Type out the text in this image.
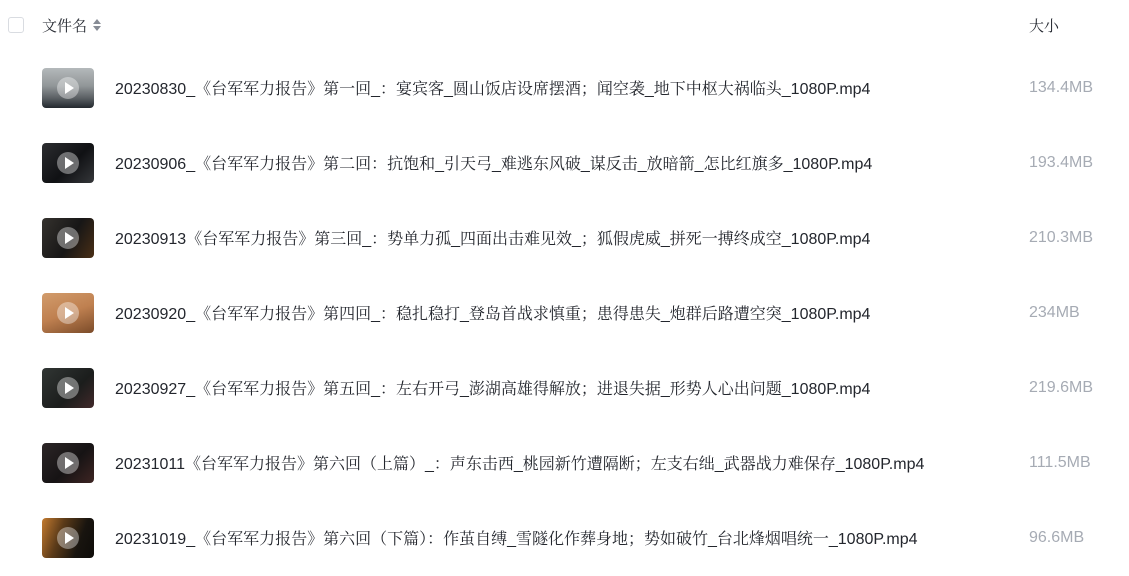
文件名	大小
20230830_《台军军力报告》第一回_：宴宾客_圆山饭店设席摆酒；闻空袭_地下中枢大祸临头_1080P.mp4	134.4MB
20230906_《台军军力报告》第二回：抗饱和_引天弓_难逃东风破_谋反击_放暗箭_怎比红旗多_1080P.mp4	193.4MB
20230913《台军军力报告》第三回_：势单力孤_四面出击难见效_；狐假虎威_拼死一搏终成空_1080P.mp4	210.3MB
20230920_《台军军力报告》第四回_：稳扎稳打_登岛首战求慎重；患得患失_炮群后路遭空突_1080P.mp4	234MB
20230927_《台军军力报告》第五回_：左右开弓_澎湖高雄得解放；进退失据_形势人心出问题_1080P.mp4	219.6MB
20231011《台军军力报告》第六回（上篇）_：声东击西_桃园新竹遭隔断；左支右绌_武器战力难保存_1080P.mp4	111.5MB
20231019_《台军军力报告》第六回（下篇）：作茧自缚_雪隧化作葬身地；势如破竹_台北烽烟唱统一_1080P.mp4	96.6MB
